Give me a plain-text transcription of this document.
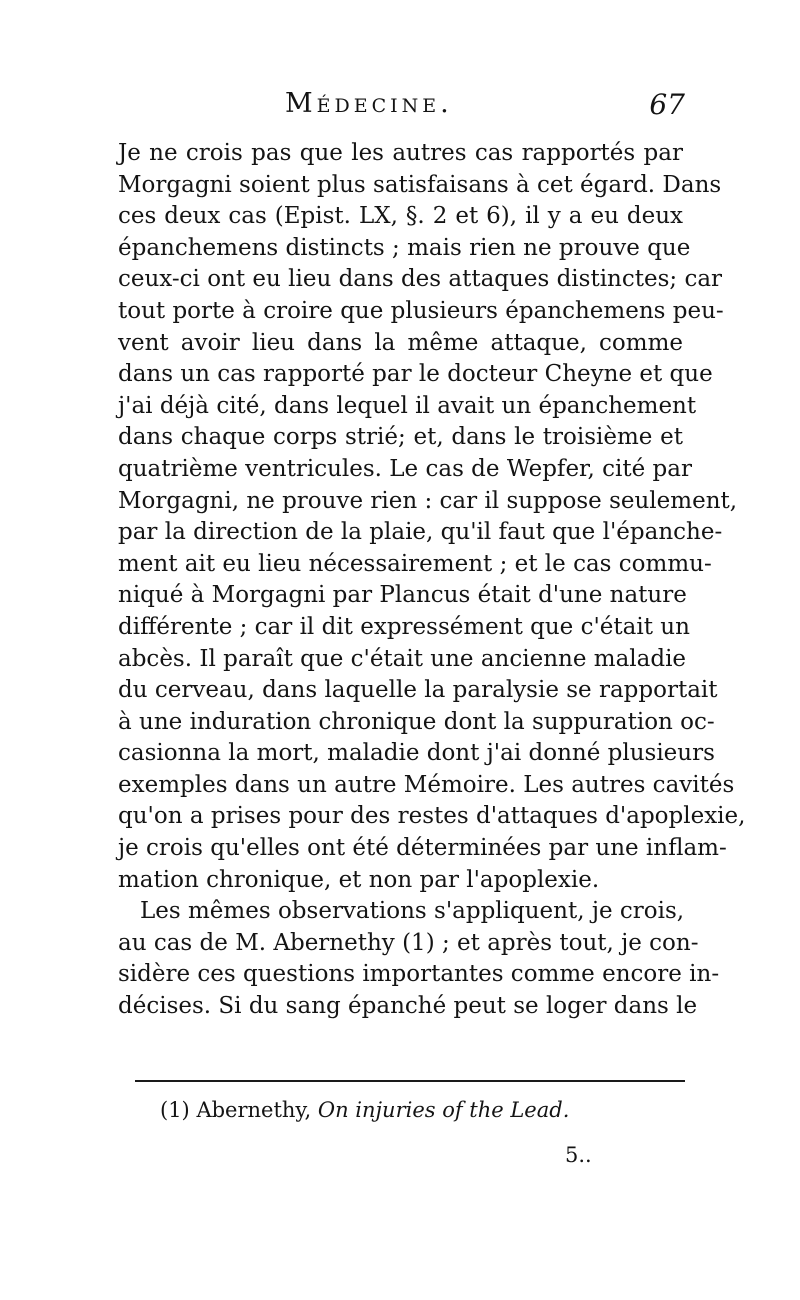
Médecine.	67
Je ne crois pas que les autres cas rapportés par
Morgagni soient plus satisfaisans à cet égard. Dans
ces deux cas (Epist. LX, §. 2 et 6), il y a eu deux
épanchemens distincts ; mais rien ne prouve que
ceux-ci ont eu lieu dans des attaques distinctes; car
tout porte à croire que plusieurs épanchemens peu-
vent avoir lieu dans la même attaque, comme
dans un cas rapporté par le docteur Cheyne et que
j'ai déjà cité, dans lequel il avait un épanchement
dans chaque corps strié; et, dans le troisième et
quatrième ventricules. Le cas de Wepfer, cité par
Morgagni, ne prouve rien : car il suppose seulement,
par la direction de la plaie, qu'il faut que l'épanche-
ment ait eu lieu nécessairement ; et le cas commu-
niqué à Morgagni par Plancus était d'une nature
différente ; car il dit expressément que c'était un
abcès. Il paraît que c'était une ancienne maladie
du cerveau, dans laquelle la paralysie se rapportait
à une induration chronique dont la suppuration oc-
casionna la mort, maladie dont j'ai donné plusieurs
exemples dans un autre Mémoire. Les autres cavités
qu'on a prises pour des restes d'attaques d'apoplexie,
je crois qu'elles ont été déterminées par une inflam-
mation chronique, et non par l'apoplexie.
Les mêmes observations s'appliquent, je crois,
au cas de M. Abernethy (1) ; et après tout, je con-
sidère ces questions importantes comme encore in-
décises. Si du sang épanché peut se loger dans le
(1) Abernethy, On injuries of the Lead.
5..
